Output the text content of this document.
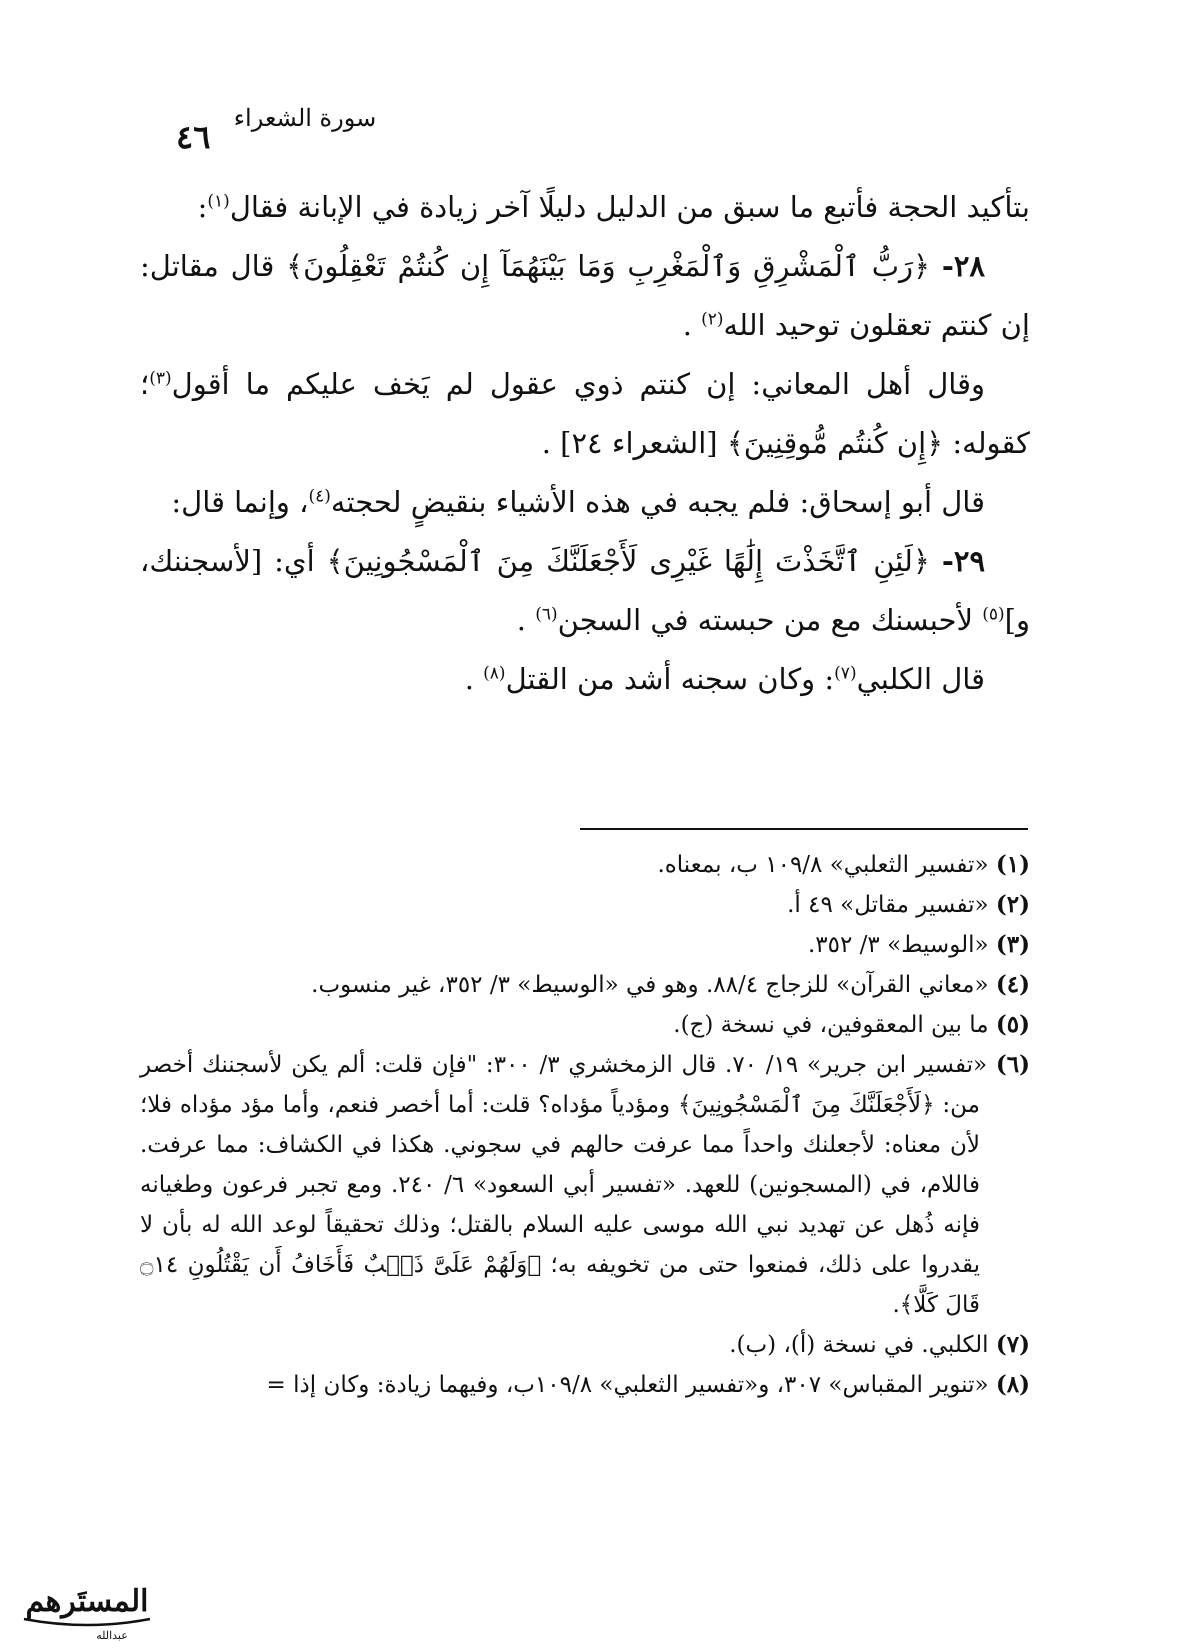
٤٦ سورة الشعراء

بتأكيد الحجة فأتبع ما سبق من الدليل دليلًا آخر زيادة في الإبانة فقال$^{(١)}$:

٢٨- ﴿رَبُّ ٱلْمَشْرِقِ وَٱلْمَغْرِبِ وَمَا بَيْنَهُمَآ إِن كُنتُمْ تَعْقِلُونَ﴾ قال مقاتل: إن كنتم تعقلون توحيد الله$^{(٢)}$ .

وقال أهل المعاني: إن كنتم ذوي عقول لم يَخف عليكم ما أقول$^{(٣)}$؛ كقوله: ﴿إِن كُنتُم مُّوقِنِينَ﴾ [الشعراء ٢٤] .

قال أبو إسحاق: فلم يجبه في هذه الأشياء بنقيضٍ لحجته$^{(٤)}$، وإنما قال:

٢٩- ﴿لَئِنِ ٱتَّخَذْتَ إِلَٰهًا غَيْرِى لَأَجْعَلَنَّكَ مِنَ ٱلْمَسْجُونِينَ﴾ أي: [لأسجننك، و]$^{(٥)}$ لأحبسنك مع من حبسته في السجن$^{(٦)}$ .

قال الكلبي$^{(٧)}$: وكان سجنه أشد من القتل$^{(٨)}$ .

(١) «تفسير الثعلبي» ١٠٩/٨ ب، بمعناه.

(٢) «تفسير مقاتل» ٤٩ أ.

(٣) «الوسيط» ٣/ ٣٥٢.

(٤) «معاني القرآن» للزجاج ٨٨/٤. وهو في «الوسيط» ٣/ ٣٥٢، غير منسوب.

(٥) ما بين المعقوفين، في نسخة (ج).

(٦) «تفسير ابن جرير» ١٩/ ٧٠. قال الزمخشري ٣/ ٣٠٠: "فإن قلت: ألم يكن لأسجننك أخصر من: ﴿لَأَجْعَلَنَّكَ مِنَ ٱلْمَسْجُونِينَ﴾ ومؤدياً مؤداه؟ قلت: أما أخصر فنعم، وأما مؤد مؤداه فلا؛ لأن معناه: لأجعلنك واحداً مما عرفت حالهم في سجوني. هكذا في الكشاف: مما عرفت. فاللام، في (المسجونين) للعهد. «تفسير أبي السعود» ٦/ ٢٤٠. ومع تجبر فرعون وطغيانه فإنه ذُهل عن تهديد نبي الله موسى عليه السلام بالقتل؛ وذلك تحقيقاً لوعد الله له بأن لا يقدروا على ذلك، فمنعوا حتى من تخويفه به؛ ﴿وَلَهُمْ عَلَىَّ ذَنۢبٌ فَأَخَافُ أَن يَقْتُلُونِ ۝١٤ قَالَ كَلَّا﴾.

(٧) الكلبي. في نسخة (أ)، (ب).

(٨) «تنوير المقباس» ٣٠٧، و«تفسير الثعلبي» ١٠٩/٨ب، وفيهما زيادة: وكان إذا =

المستَرهم
عبدالله
